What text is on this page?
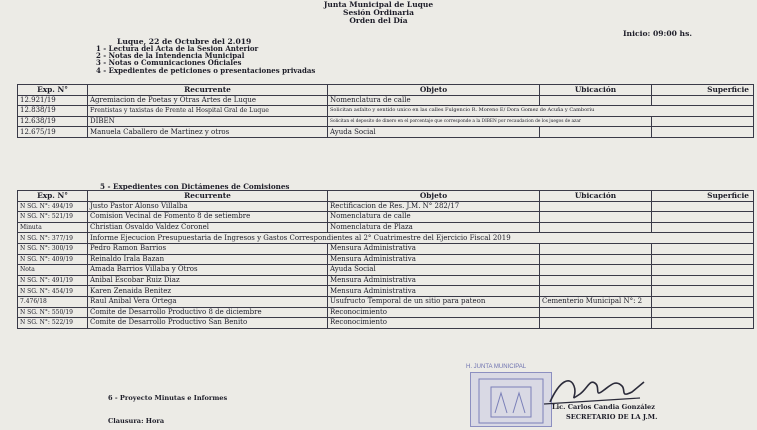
Junta Municipal de Luque
Sesión Ordinaria
Orden del Día
Inicio: 09:00 hs.
Luque, 22 de Octubre del 2.019
1 - Lectura del Acta de la Sesion Anterior
2 - Notas de la Intendencia Municipal
3 - Notas o Comunicaciones Oficiales
4 - Expedientes de peticiones o presentaciones privadas
Exp. N°	Recurrente	Objeto	Ubicación	Superficie
12.921/19	Agremiacion de Poetas y Otras Artes de Luque	Nomenclatura de calle		
12.838/19	Frentistas y taxistas de Frente al Hospital Gral de Luque	Solicitan asfalto y sentido unico en las calles Fulgencio R. Moreno E/ Dora Gomez de Acuña y Camboriu		
12.638/19	DIBEN	Solicitan el deposito de dinero en el porcentaje que corresponde a la DIBEN por recaudacion de los juegos de azar		
12.675/19	Manuela Caballero de Martinez y otros	Ayuda Social		
5 - Expedientes con Dictámenes de Comisiones
Exp. N°	Recurrente	Objeto	Ubicación	Superficie
N SG. N°: 494/19	Justo Pastor Alonso Villalba	Rectificacion de Res. J.M. N° 282/17		
N SG. N°: 521/19	Comision Vecinal de Fomento 8 de setiembre	Nomenclatura de calle		
Minuta	Christian Osvaldo Valdez Coronel	Nomenclatura de Plaza		
N SG. N°: 377/19	Informe Ejecucion Presupuestaria de Ingresos y Gastos Correspondientes al 2° Cuatrimestre del Ejercicio Fiscal 2019			
N SG. N°: 300/19	Pedro Ramon Barrios	Mensura Administrativa		
N SG. N°: 409/19	Reinaldo Irala Bazan	Mensura Administrativa		
Nota	Amada Barrios Villaba y Otros	Ayuda Social		
N SG. N°: 491/19	Anibal Escobar Ruiz Diaz	Mensura Administrativa		
N SG. N°: 454/19	Karen Zenaida Benitez	Mensura Administrativa		
7.476/18	Raul Anibal Vera Ortega	Usufructo Temporal de un sitio para pateon	Cementerio Municipal N°: 2	
N SG. N°: 550/19	Comite de Desarrollo Productivo 8 de diciembre	Reconocimiento		
N SG. N°: 522/19	Comite de Desarrollo Productivo San Benito	Reconocimiento		
6 - Proyecto Minutas e Informes
Clausura: Hora
H. JUNTA MUNICIPAL
Lic. Carlos Candia González
SECRETARIO DE LA J.M.
